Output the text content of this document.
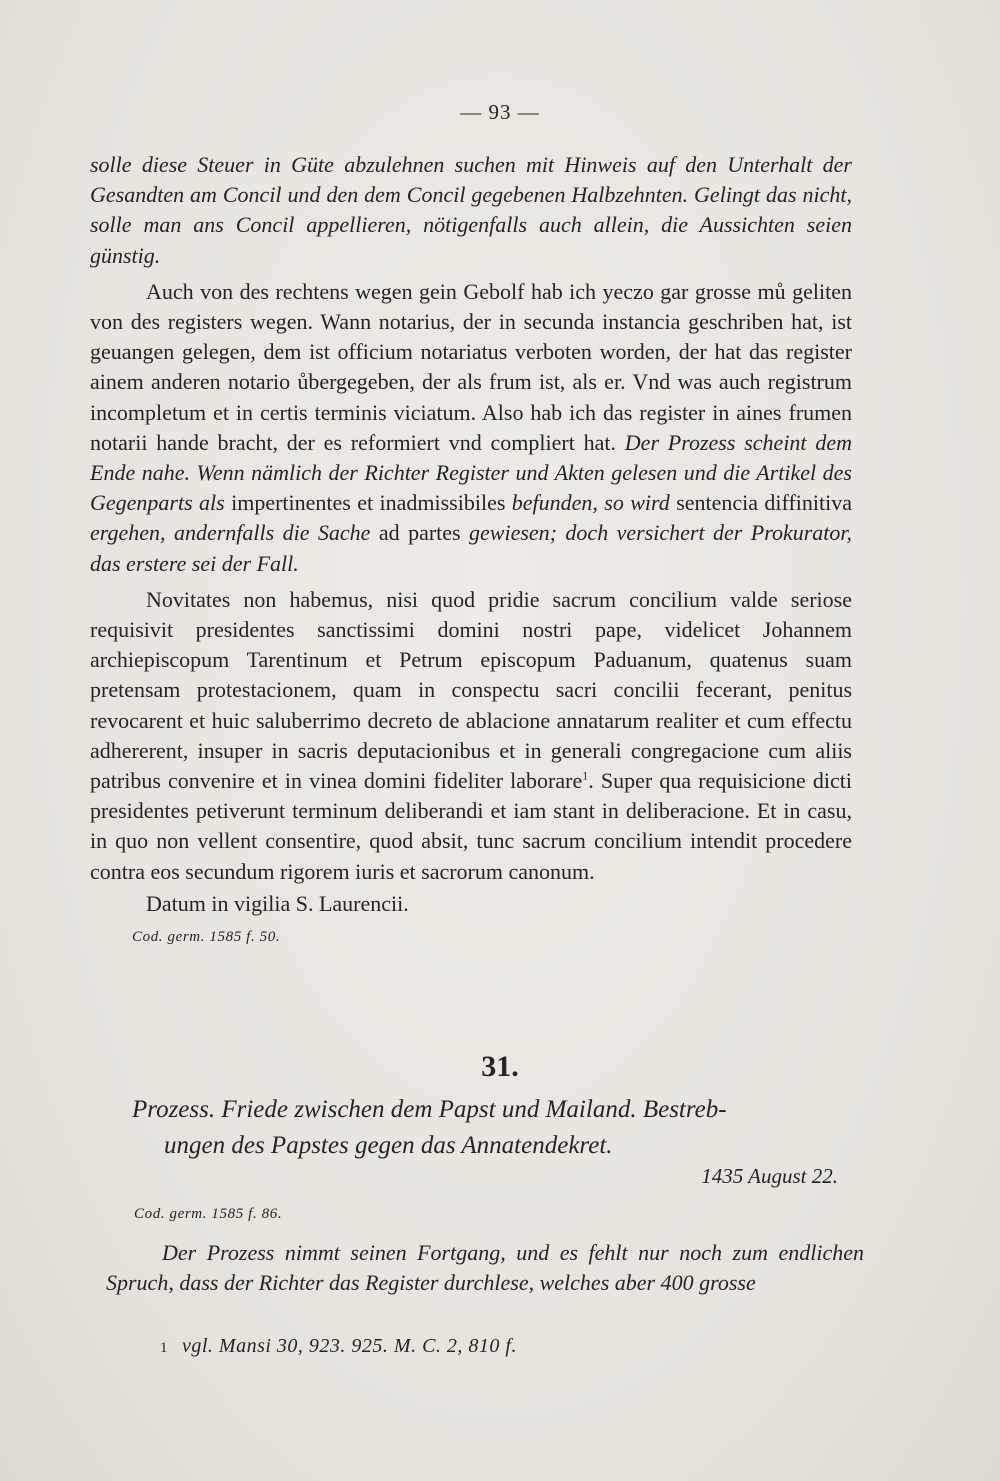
— 93 —

solle diese Steuer in Güte abzulehnen suchen mit Hinweis auf den Unterhalt der Gesandten am Concil und den dem Concil gegebenen Halbzehnten. Gelingt das nicht, solle man ans Concil appellieren, nötigenfalls auch allein, die Aussichten seien günstig.

Auch von des rechtens wegen gein Gebolf hab ich yeczo gar grosse mů geliten von des registers wegen. Wann notarius, der in secunda instancia geschriben hat, ist geuangen gelegen, dem ist officium notariatus verboten worden, der hat das register ainem anderen notario ůbergegeben, der als frum ist, als er. Vnd was auch registrum incompletum et in certis terminis viciatum. Also hab ich das register in aines frumen notarii hande bracht, der es reformiert vnd compliert hat. Der Prozess scheint dem Ende nahe. Wenn nämlich der Richter Register und Akten gelesen und die Artikel des Gegenparts als impertinentes et inadmissibiles befunden, so wird sentencia diffinitiva ergehen, andernfalls die Sache ad partes gewiesen; doch versichert der Prokurator, das erstere sei der Fall.

Novitates non habemus, nisi quod pridie sacrum concilium valde seriose requisivit presidentes sanctissimi domini nostri pape, videlicet Johannem archiepiscopum Tarentinum et Petrum episcopum Paduanum, quatenus suam pretensam protestacionem, quam in conspectu sacri concilii fecerant, penitus revocarent et huic saluberrimo decreto de ablacione annatarum realiter et cum effectu adhererent, insuper in sacris deputacionibus et in generali congregacione cum aliis patribus convenire et in vinea domini fideliter laborare$^1$. Super qua requisicione dicti presidentes petiverunt terminum deliberandi et iam stant in deliberacione. Et in casu, in quo non vellent consentire, quod absit, tunc sacrum concilium intendit procedere contra eos secundum rigorem iuris et sacrorum canonum.

Datum in vigilia S. Laurencii.

Cod. germ. 1585 f. 50.
31.
Prozess. Friede zwischen dem Papst und Mailand. Bestreb-
ungen des Papstes gegen das Annatendekret.
1435 August 22.
Cod. germ. 1585 f. 86.

Der Prozess nimmt seinen Fortgang, und es fehlt nur noch zum endlichen Spruch, dass der Richter das Register durchlese, welches aber 400 grosse

1 vgl. Mansi 30, 923. 925. M. C. 2, 810 f.
